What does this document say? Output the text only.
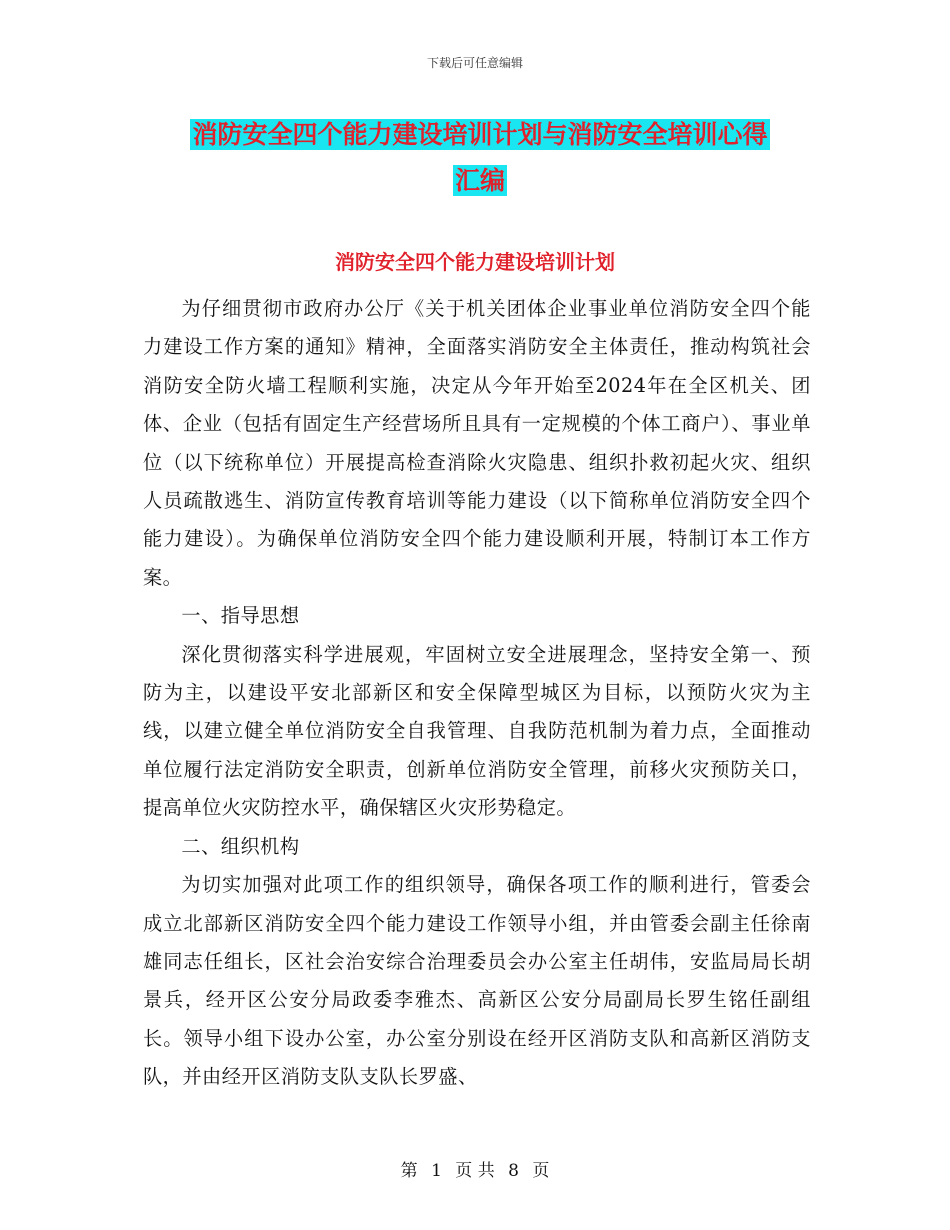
下载后可任意编辑
消防安全四个能力建设培训计划与消防安全培训心得
汇编
消防安全四个能力建设培训计划

为仔细贯彻市政府办公厅《关于机关团体企业事业单位消防安全四个能力建设工作方案的通知》精神，全面落实消防安全主体责任，推动构筑社会消防安全防火墙工程顺利实施，决定从今年开始至2024年在全区机关、团体、企业（包括有固定生产经营场所且具有一定规模的个体工商户）、事业单位（以下统称单位）开展提高检查消除火灾隐患、组织扑救初起火灾、组织人员疏散逃生、消防宣传教育培训等能力建设（以下简称单位消防安全四个能力建设）。为确保单位消防安全四个能力建设顺利开展，特制订本工作方案。

一、指导思想

深化贯彻落实科学进展观，牢固树立安全进展理念，坚持安全第一、预防为主，以建设平安北部新区和安全保障型城区为目标，以预防火灾为主线，以建立健全单位消防安全自我管理、自我防范机制为着力点，全面推动单位履行法定消防安全职责，创新单位消防安全管理，前移火灾预防关口，提高单位火灾防控水平，确保辖区火灾形势稳定。

二、组织机构

为切实加强对此项工作的组织领导，确保各项工作的顺利进行，管委会成立北部新区消防安全四个能力建设工作领导小组，并由管委会副主任徐南雄同志任组长，区社会治安综合治理委员会办公室主任胡伟，安监局局长胡景兵，经开区公安分局政委李雅杰、高新区公安分局副局长罗生铭任副组长。领导小组下设办公室，办公室分别设在经开区消防支队和高新区消防支队，并由经开区消防支队支队长罗盛、

第 1 页 共 8 页
